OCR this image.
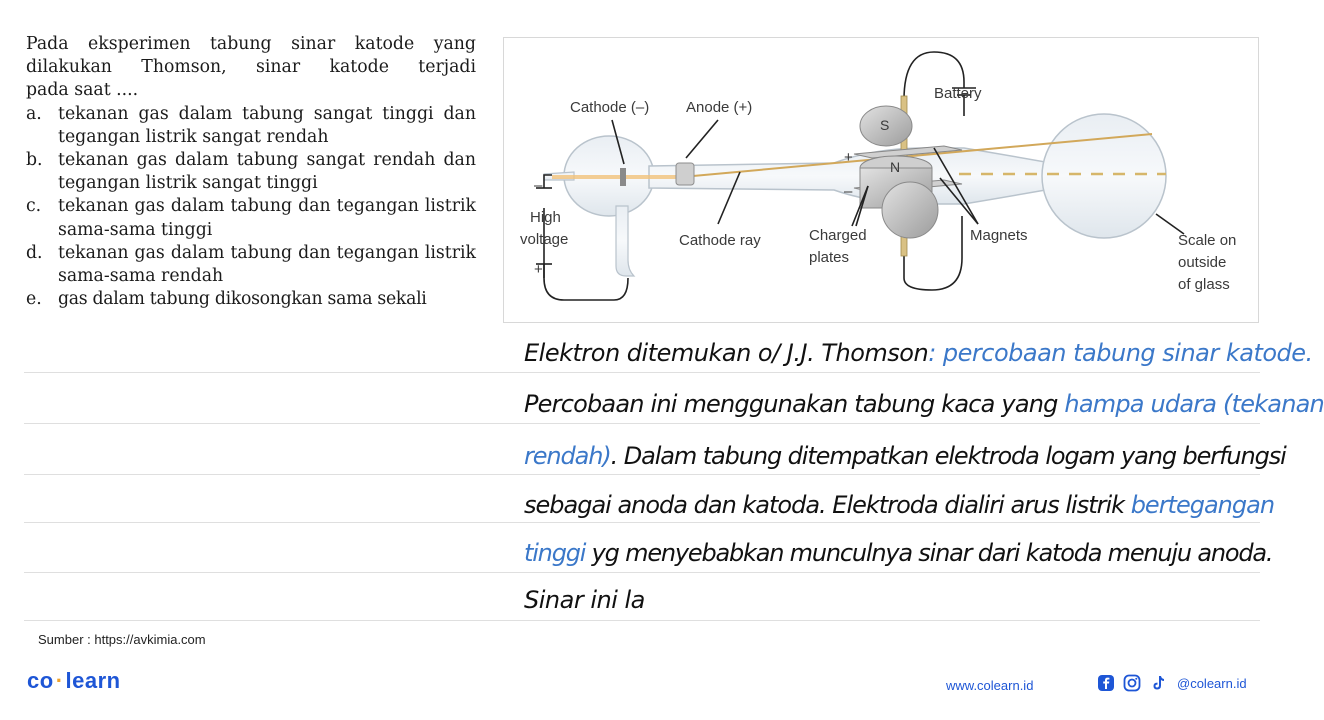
Pada eksperimen tabung sinar katode yang
dilakukan Thomson, sinar katode terjadi
pada saat ....
a. tekanan gas dalam tabung sangat tinggi dan tegangan listrik sangat rendah
b. tekanan gas dalam tabung sangat rendah dan tegangan listrik sangat tinggi
c. tekanan gas dalam tabung dan tegangan listrik sama-sama tinggi
d. tekanan gas dalam tabung dan tegangan listrik sama-sama rendah
e. gas dalam tabung dikosongkan sama sekali
Cathode (–) Anode (+)
Battery
S
N
+
–
–
High
voltage
+
Cathode ray	Charged
plates
Magnets	Scale on
outside
of glass
Elektron ditemukan o/ J.J. Thomson: percobaan tabung sinar katode.
Percobaan ini menggunakan tabung kaca yang hampa udara (tekanan
rendah). Dalam tabung ditempatkan elektroda logam yang berfungsi
sebagai anoda dan katoda. Elektroda dialiri arus listrik bertegangan
tinggi yg menyebabkan munculnya sinar dari katoda menuju anoda.
Sinar ini la
Sumber : https://avkimia.com
co·learn	www.colearn.id	@colearn.id
